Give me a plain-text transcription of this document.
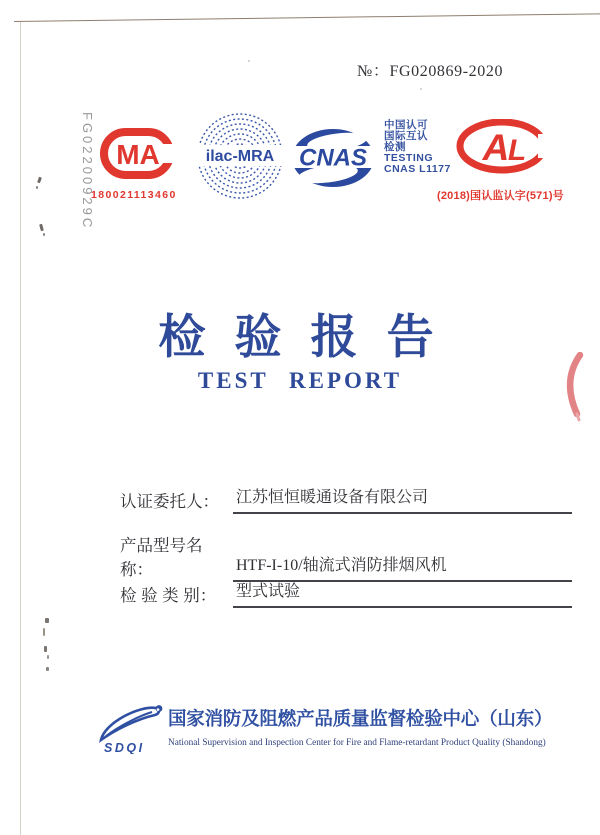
№：FG020869-2020
FG02200929C MA
180021113460
ilac-MRA CNAS
中国认可
国际互认
检测
TESTING
CNAS L1177
A
L
(2018)国认监认字(571)号
检 验 报 告
TEST REPORT
认证委托人：	江苏恒恒暖通设备有限公司
产品型号名称：	HTF-I-10/轴流式消防排烟风机
检 验 类 别：	型式试验
SDQI
国家消防及阻燃产品质量监督检验中心（山东）
National Supervision and Inspection Center for Fire and Flame-retardant Product Quality (Shandong)
